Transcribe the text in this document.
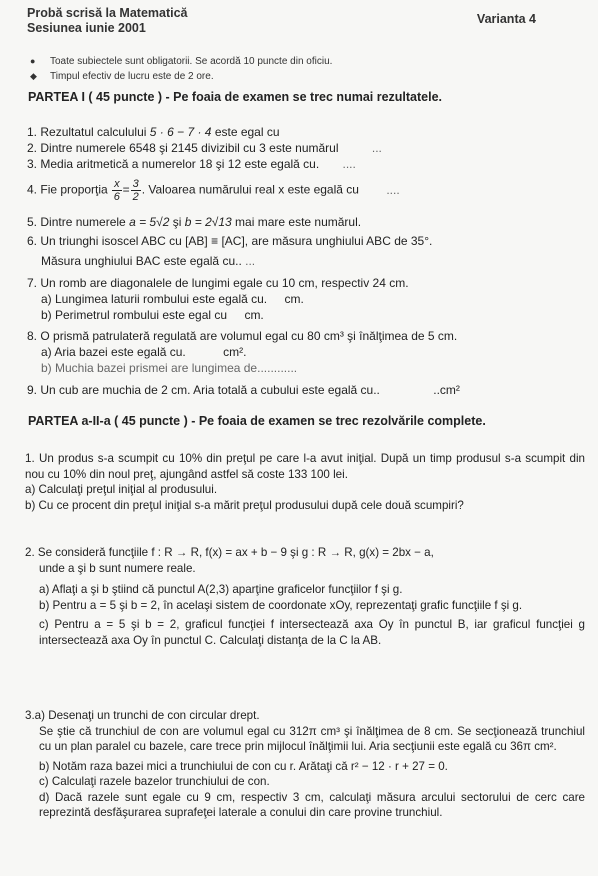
Probă scrisă la Matematică
Sesiunea iunie 2001
Varianta 4
●	Toate subiectele sunt obligatorii. Se acordă 10 puncte din oficiu.
◆	Timpul efectiv de lucru este de 2 ore.
PARTEA I ( 45 puncte ) - Pe foaia de examen se trec numai rezultatele.
1. Rezultatul calculului 5 · 6 − 7 · 4 este egal cu
2. Dintre numerele 6548 şi 2145 divizibil cu 3 este numărul	...
3. Media aritmetică a numerelor 18 şi 12 este egală cu. ....
4. Fie proporţia $\frac{x}{6} = \frac{3}{2}$ . Valoarea numărului real x este egală cu ....
5. Dintre numerele a = 5√2 şi b = 2√13 mai mare este numărul.
6. Un triunghi isoscel ABC cu [AB] ≡ [AC], are măsura unghiului ABC de 35°.
Măsura unghiului BAC este egală cu.. ...
7. Un romb are diagonalele de lungimi egale cu 10 cm, respectiv 24 cm.
a) Lungimea laturii rombului este egală cu. cm.
b) Perimetrul rombului este egal cu cm.
8. O prismă patrulateră regulată are volumul egal cu 80 cm³ şi înălţimea de 5 cm.
a) Aria bazei este egală cu.	cm².
b) Muchia bazei prismei are lungimea de............
9. Un cub are muchia de 2 cm. Aria totală a cubului este egală cu..	..cm²
PARTEA a-II-a ( 45 puncte ) - Pe foaia de examen se trec rezolvările complete.

1. Un produs s-a scumpit cu 10% din preţul pe care l-a avut iniţial. După un timp produsul s-a scumpit din nou cu 10% din noul preţ, ajungând astfel să coste 133 100 lei.

a) Calculaţi preţul iniţial al produsului.

b) Cu ce procent din preţul iniţial s-a mărit preţul produsului după cele două scumpiri?

2. Se consideră funcţiile f : R → R, f(x) = ax + b − 9 şi g : R → R, g(x) = 2bx − a,

unde a şi b sunt numere reale.

a) Aflaţi a şi b ştiind că punctul A(2,3) aparţine graficelor funcţiilor f şi g.

b) Pentru a = 5 şi b = 2, în acelaşi sistem de coordonate xOy, reprezentaţi grafic funcţiile f şi g.

c) Pentru a = 5 şi b = 2, graficul funcţiei f intersectează axa Oy în punctul B, iar graficul funcţiei g intersectează axa Oy în punctul C. Calculaţi distanţa de la C la AB.

3.a) Desenaţi un trunchi de con circular drept.

Se ştie că trunchiul de con are volumul egal cu 312π cm³ şi înălţimea de 8 cm. Se secţionează trunchiul cu un plan paralel cu bazele, care trece prin mijlocul înălţimii lui. Aria secţiunii este egală cu 36π cm².

b) Notăm raza bazei mici a trunchiului de con cu r. Arătaţi că r² − 12 · r + 27 = 0.

c) Calculaţi razele bazelor trunchiului de con.

d) Dacă razele sunt egale cu 9 cm, respectiv 3 cm, calculaţi măsura arcului sectorului de cerc care reprezintă desfăşurarea suprafeţei laterale a conului din care provine trunchiul.
